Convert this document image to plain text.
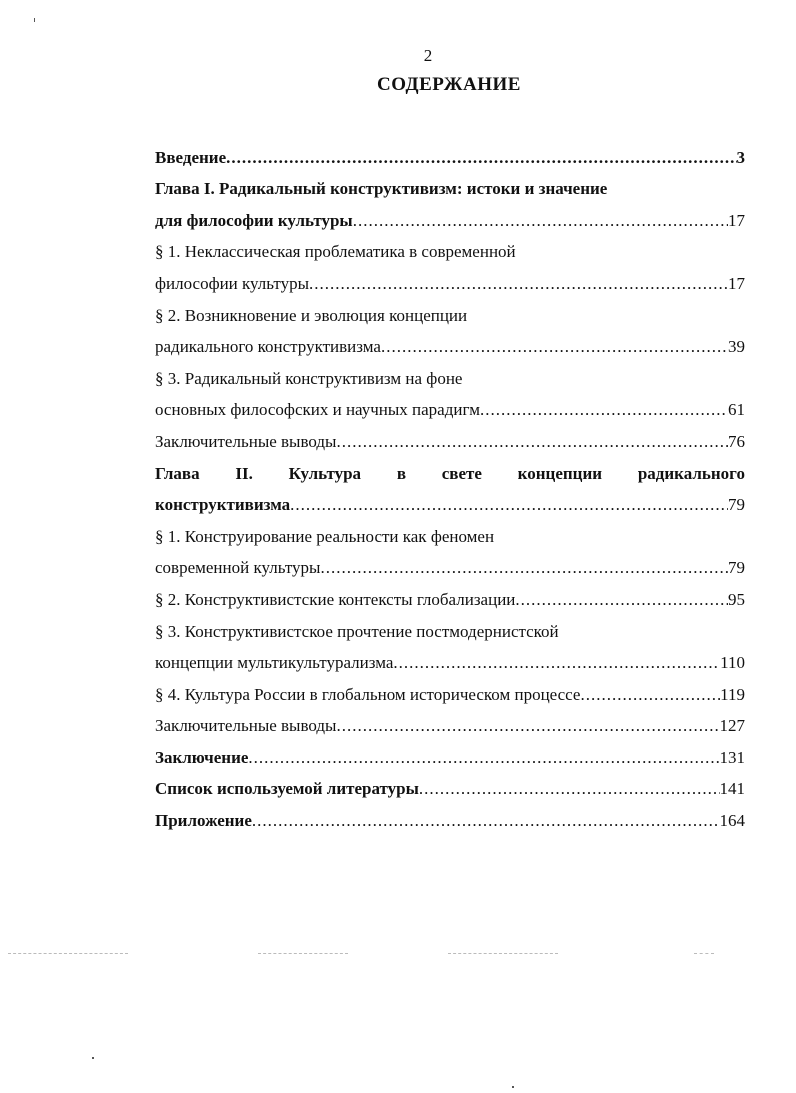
2
СОДЕРЖАНИЕ
Введение .....	3
Глава I. Радикальный конструктивизм: истоки и значение
для философии культуры .....	17
§ 1. Неклассическая проблематика в современной
философии культуры .....	17
§ 2. Возникновение и эволюция концепции
радикального конструктивизма .....	39
§ 3. Радикальный конструктивизм на фоне
основных философских и научных парадигм .....	61
Заключительные выводы .....	76
Глава II. Культура в свете концепции радикального
конструктивизма .....	79
§ 1. Конструирование реальности как феномен
современной культуры .....	79
§ 2. Конструктивистские контексты глобализации .....	95
§ 3. Конструктивистское прочтение постмодернистской
концепции мультикультурализма .....	110
§ 4. Культура России в глобальном историческом процессе .....	119
Заключительные выводы .....	127
Заключение .....	131
Список используемой литературы .....	141
Приложение .....	164
